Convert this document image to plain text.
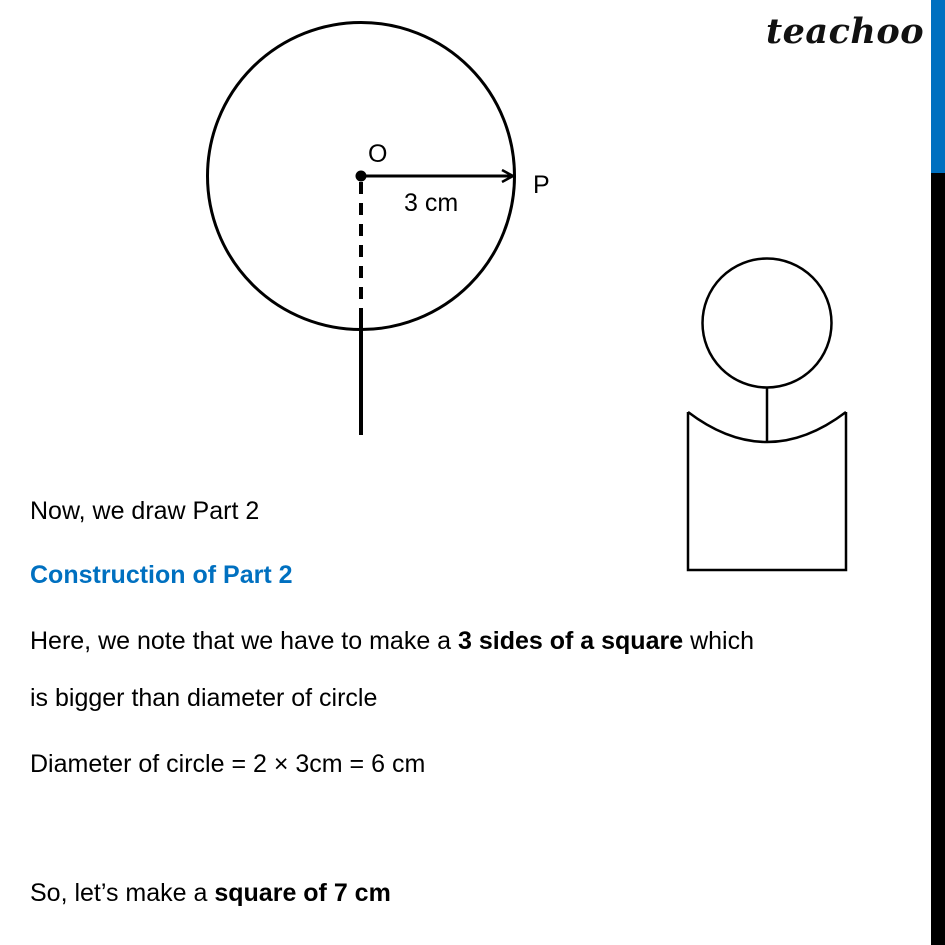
teachoo
O
P
3 cm
Now, we draw Part 2
Construction of Part 2
Here, we note that we have to make a 3 sides of a square which
is bigger than diameter of circle
Diameter of circle = 2 × 3cm = 6 cm
So, let’s make a square of 7 cm
